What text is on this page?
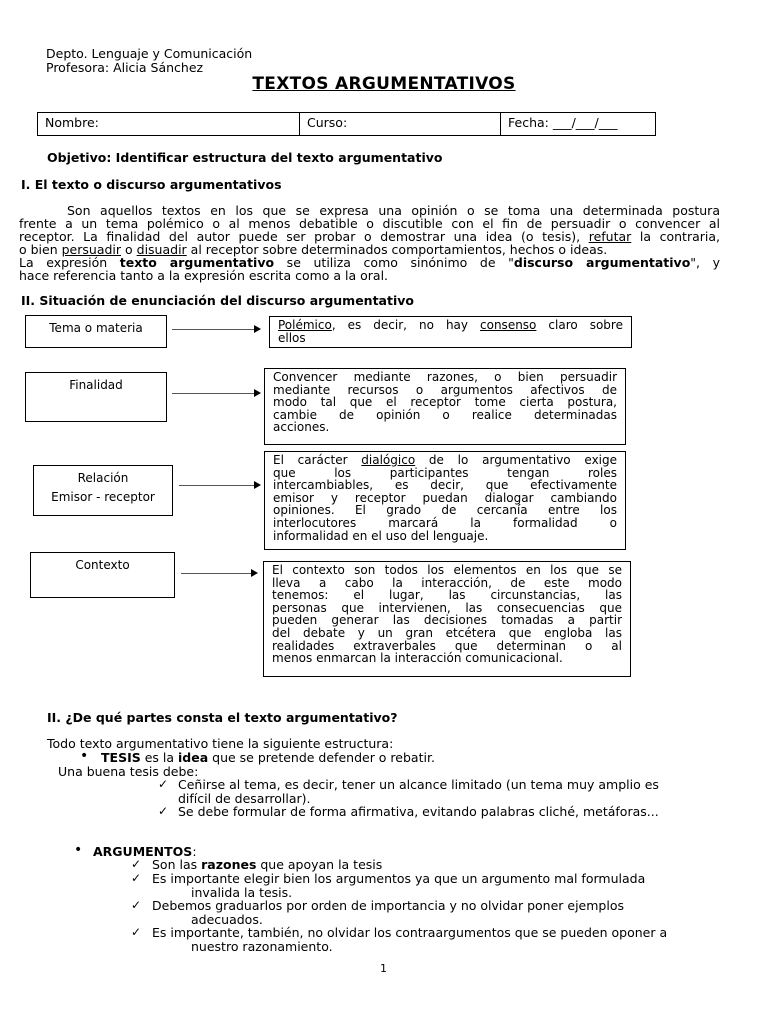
Depto. Lenguaje y Comunicación
Profesora: Alicia Sánchez
TEXTOS ARGUMENTATIVOS
Nombre:	Curso:	Fecha: ___/___/___
Objetivo: Identificar estructura del texto argumentativo
I. El texto o discurso argumentativos
Son aquellos textos en los que se expresa una opinión o se toma una determinada postura
frente a un tema polémico o al menos debatible o discutible con el fin de persuadir o convencer al
receptor. La finalidad del autor puede ser probar o demostrar una idea (o tesis), refutar la contraria,
o bien persuadir o disuadir al receptor sobre determinados comportamientos, hechos o ideas.
La expresión texto argumentativo se utiliza como sinónimo de "discurso argumentativo", y
hace referencia tanto a la expresión escrita como a la oral.
II. Situación de enunciación del discurso argumentativo
Tema o materia	Polémico, es decir, no hay consenso claro sobre
ellos
Finalidad
Convencer mediante razones, o bien persuadir
mediante recursos o argumentos afectivos de
modo tal que el receptor tome cierta postura,
cambie de opinión o realice determinadas
acciones.
Relación
Emisor - receptor
El carácter dialógico de lo argumentativo exige
que los participantes tengan roles
intercambiables, es decir, que efectivamente
emisor y receptor puedan dialogar cambiando
opiniones. El grado de cercanía entre los
interlocutores marcará la formalidad o
informalidad en el uso del lenguaje.
Contexto	El contexto son todos los elementos en los que se
lleva a cabo la interacción, de este modo
tenemos: el lugar, las circunstancias, las
personas que intervienen, las consecuencias que
pueden generar las decisiones tomadas a partir
del debate y un gran etcétera que engloba las
realidades extraverbales que determinan o al
menos enmarcan la interacción comunicacional.
II. ¿De qué partes consta el texto argumentativo?
Todo texto argumentativo tiene la siguiente estructura:
• TESIS es la idea que se pretende defender o rebatir.
Una buena tesis debe:
✓ Ceñirse al tema, es decir, tener un alcance limitado (un tema muy amplio es
difícil de desarrollar).
✓ Se debe formular de forma afirmativa, evitando palabras cliché, metáforas...
• ARGUMENTOS:
✓ Son las razones que apoyan la tesis
✓ Es importante elegir bien los argumentos ya que un argumento mal formulada
invalida la tesis.
✓ Debemos graduarlos por orden de importancia y no olvidar poner ejemplos
adecuados.
✓ Es importante, también, no olvidar los contraargumentos que se pueden oponer a
nuestro razonamiento.
1
